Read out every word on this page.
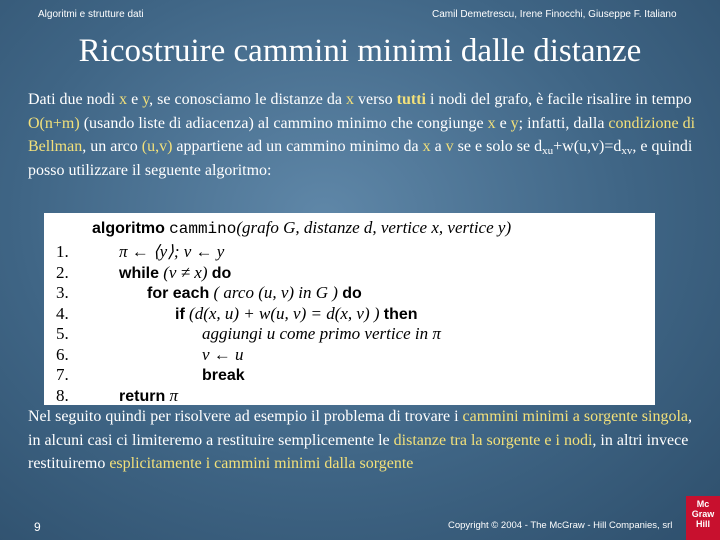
Algoritmi e strutture dati	Camil Demetrescu, Irene Finocchi, Giuseppe F. Italiano
Ricostruire cammini minimi dalle distanze
Dati due nodi x e y, se conosciamo le distanze da x verso tutti i nodi del grafo, è facile risalire in tempo O(n+m) (usando liste di adiacenza) al cammino minimo che congiunge x e y; infatti, dalla condizione di Bellman, un arco (u,v) appartiene ad un cammino minimo da x a v se e solo se $d_{xu}+w(u,v)=d_{xv}$, e quindi posso utilizzare il seguente algoritmo:
algoritmo cammino(grafo G, distanze d, vertice x, vertice y)
1.	π ← ⟨y⟩; v ← y
2.	while (v ≠ x) do
3.	for each ( arco (u, v) in G ) do
4.	if (d(x, u) + w(u, v) = d(x, v) ) then
5.	aggiungi u come primo vertice in π
6.	v ← u
7.	break
8.	return π
Nel seguito quindi per risolvere ad esempio il problema di trovare i cammini minimi a sorgente singola, in alcuni casi ci limiteremo a restituire semplicemente le distanze tra la sorgente e i nodi, in altri invece restituiremo esplicitamente i cammini minimi dalla sorgente
9	Copyright © 2004 - The McGraw - Hill Companies, srl
Mc
Graw
Hill
